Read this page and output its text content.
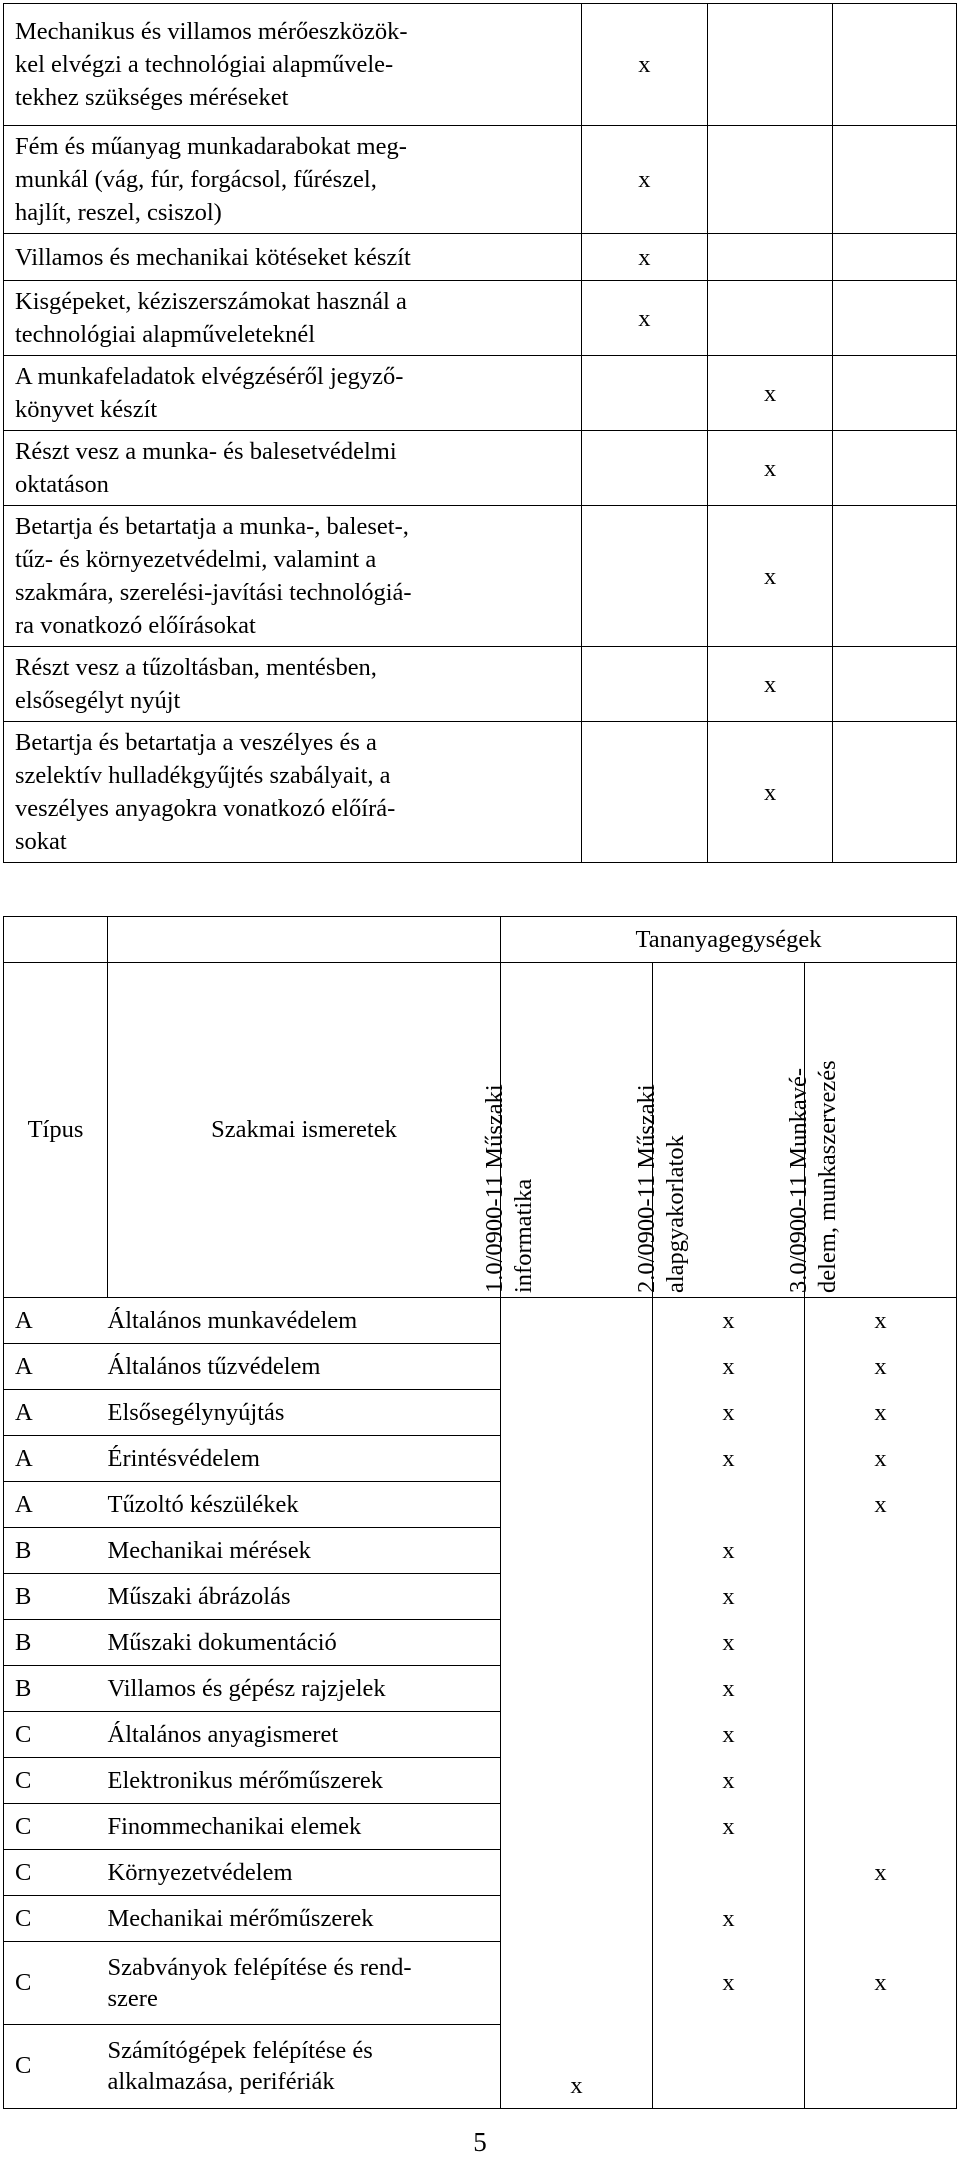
Mechanikus és villamos mérőeszközök-
kel elvégzi a technológiai alapművele-
tekhez szükséges méréseket	x		
Fém és műanyag munkadarabokat meg-
munkál (vág, fúr, forgácsol, fűrészel,
hajlít, reszel, csiszol)	x		
Villamos és mechanikai kötéseket készít	x		
Kisgépeket, kéziszerszámokat használ a
technológiai alapműveleteknél	x		
A munkafeladatok elvégzéséről jegyző-
könyvet készít		x	
Részt vesz a munka- és balesetvédelmi
oktatáson		x	
Betartja és betartatja a munka-, baleset-,
tűz- és környezetvédelmi, valamint a
szakmára, szerelési-javítási technológiá-
ra vonatkozó előírásokat		x	
Részt vesz a tűzoltásban, mentésben,
elsősegélyt nyújt		x	
Betartja és betartatja a veszélyes és a
szelektív hulladékgyűjtés szabályait, a
veszélyes anyagokra vonatkozó előírá-
sokat		x	
		Tananyagegységek		
Típus	Szakmai ismeretek	1.0/0900-11 Műszaki
informatika	2.0/0900-11 Műszaki
alapgyakorlatok	3.0/0900-11 Munkavé-
delem, munkaszervezés

A	Általános munkavédelem		x	x
A	Általános tűzvédelem		x	x
A	Elsősegélynyújtás		x	x
A	Érintésvédelem		x	x
A	Tűzoltó készülékek			x
B	Mechanikai mérések		x	
B	Műszaki ábrázolás		x	
B	Műszaki dokumentáció		x	
B	Villamos és gépész rajzjelek		x	
C	Általános anyagismeret		x	
C	Elektronikus mérőműszerek		x	
C	Finommechanikai elemek		x	
C	Környezetvédelem			x
C	Mechanikai mérőműszerek		x	
C	Szabványok felépítése és rend-
szere		x	x
C	Számítógépek felépítése és
alkalmazása, perifériák	x		
5
